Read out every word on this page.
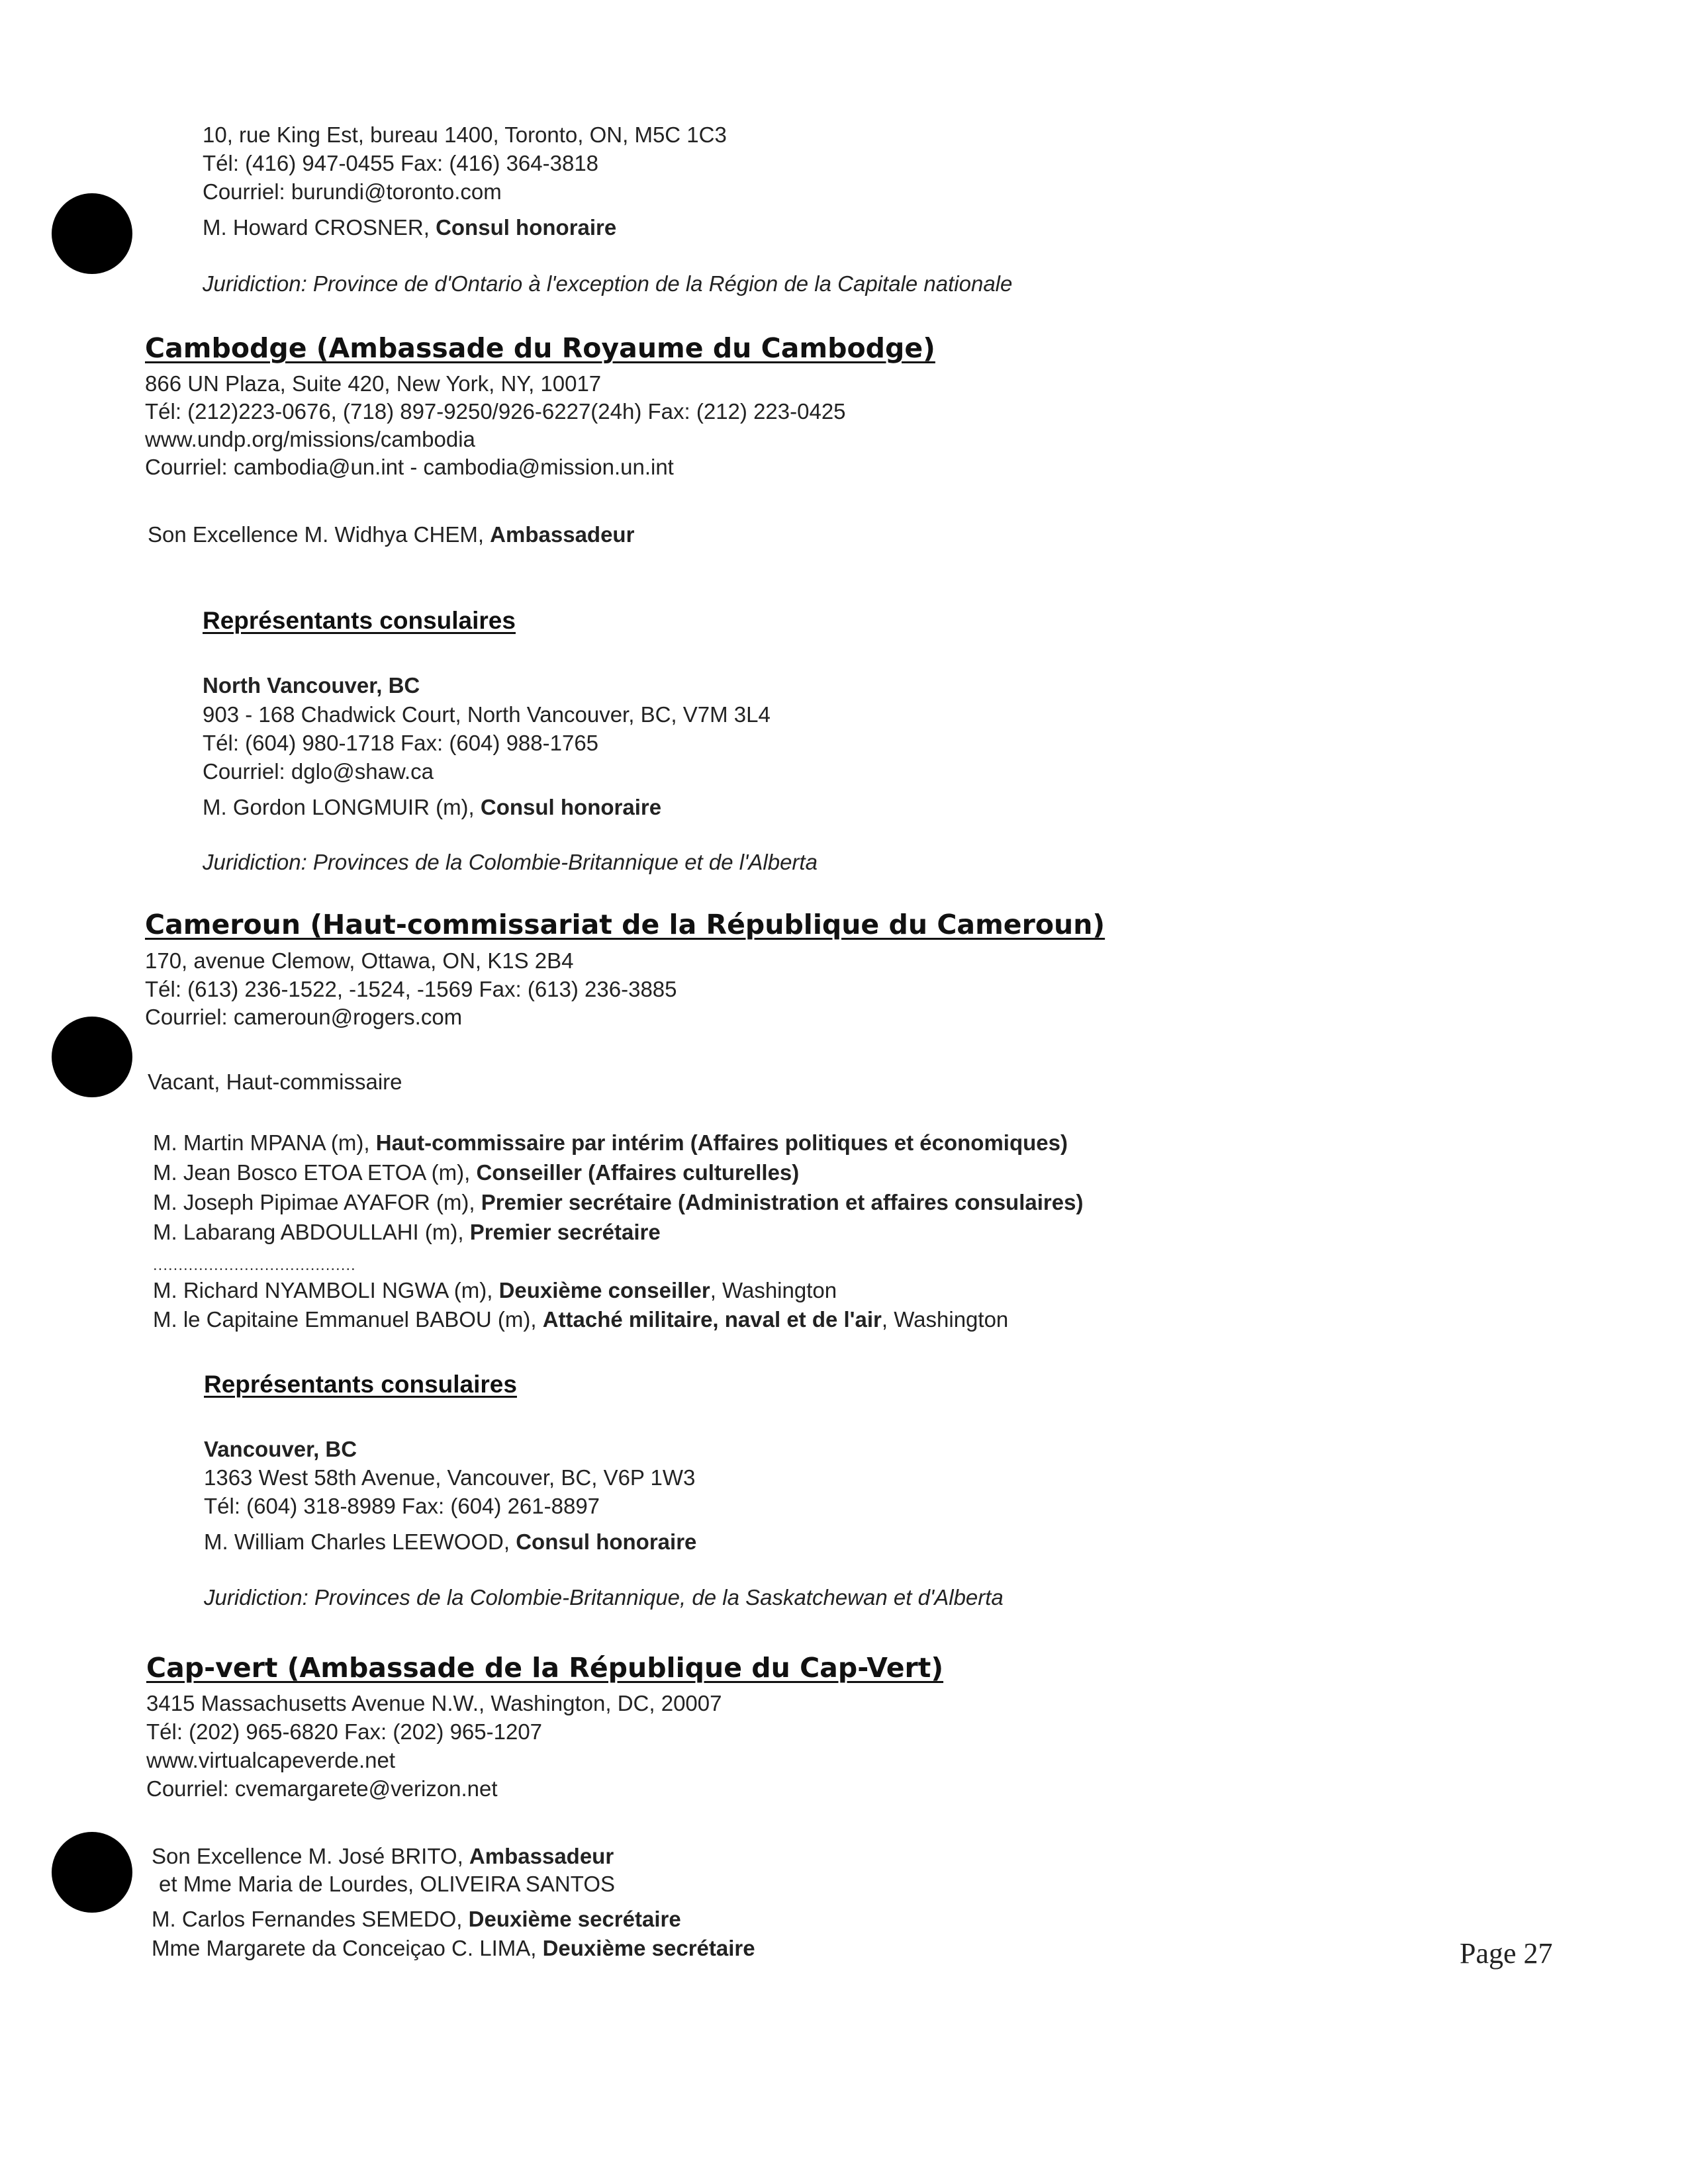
10, rue King Est, bureau 1400, Toronto, ON, M5C 1C3
Tél: (416) 947-0455 Fax: (416) 364-3818
Courriel: burundi@toronto.com
M. Howard CROSNER, Consul honoraire
Juridiction: Province de d'Ontario à l'exception de la Région de la Capitale nationale
Cambodge (Ambassade du Royaume du Cambodge)
866 UN Plaza, Suite 420, New York, NY, 10017
Tél: (212)223-0676, (718) 897-9250/926-6227(24h) Fax: (212) 223-0425
www.undp.org/missions/cambodia
Courriel: cambodia@un.int - cambodia@mission.un.int
Son Excellence M. Widhya CHEM, Ambassadeur
Représentants consulaires
North Vancouver, BC
903 - 168 Chadwick Court, North Vancouver, BC, V7M 3L4
Tél: (604) 980-1718 Fax: (604) 988-1765
Courriel: dglo@shaw.ca
M. Gordon LONGMUIR (m), Consul honoraire
Juridiction: Provinces de la Colombie-Britannique et de l'Alberta
Cameroun (Haut-commissariat de la République du Cameroun)
170, avenue Clemow, Ottawa, ON, K1S 2B4
Tél: (613) 236-1522, -1524, -1569 Fax: (613) 236-3885
Courriel: cameroun@rogers.com
Vacant, Haut-commissaire
M. Martin MPANA (m), Haut-commissaire par intérim (Affaires politiques et économiques)
M. Jean Bosco ETOA ETOA (m), Conseiller (Affaires culturelles)
M. Joseph Pipimae AYAFOR (m), Premier secrétaire (Administration et affaires consulaires)
M. Labarang ABDOULLAHI (m), Premier secrétaire
........................................
M. Richard NYAMBOLI NGWA (m), Deuxième conseiller, Washington
M. le Capitaine Emmanuel BABOU (m), Attaché militaire, naval et de l'air, Washington
Représentants consulaires
Vancouver, BC
1363 West 58th Avenue, Vancouver, BC, V6P 1W3
Tél: (604) 318-8989 Fax: (604) 261-8897
M. William Charles LEEWOOD, Consul honoraire
Juridiction: Provinces de la Colombie-Britannique, de la Saskatchewan et d'Alberta
Cap-vert (Ambassade de la République du Cap-Vert)
3415 Massachusetts Avenue N.W., Washington, DC, 20007
Tél: (202) 965-6820 Fax: (202) 965-1207
www.virtualcapeverde.net
Courriel: cvemargarete@verizon.net
Son Excellence M. José BRITO, Ambassadeur
et Mme Maria de Lourdes, OLIVEIRA SANTOS
M. Carlos Fernandes SEMEDO, Deuxième secrétaire
Mme Margarete da Conceiçao C. LIMA, Deuxième secrétaire	Page 27
